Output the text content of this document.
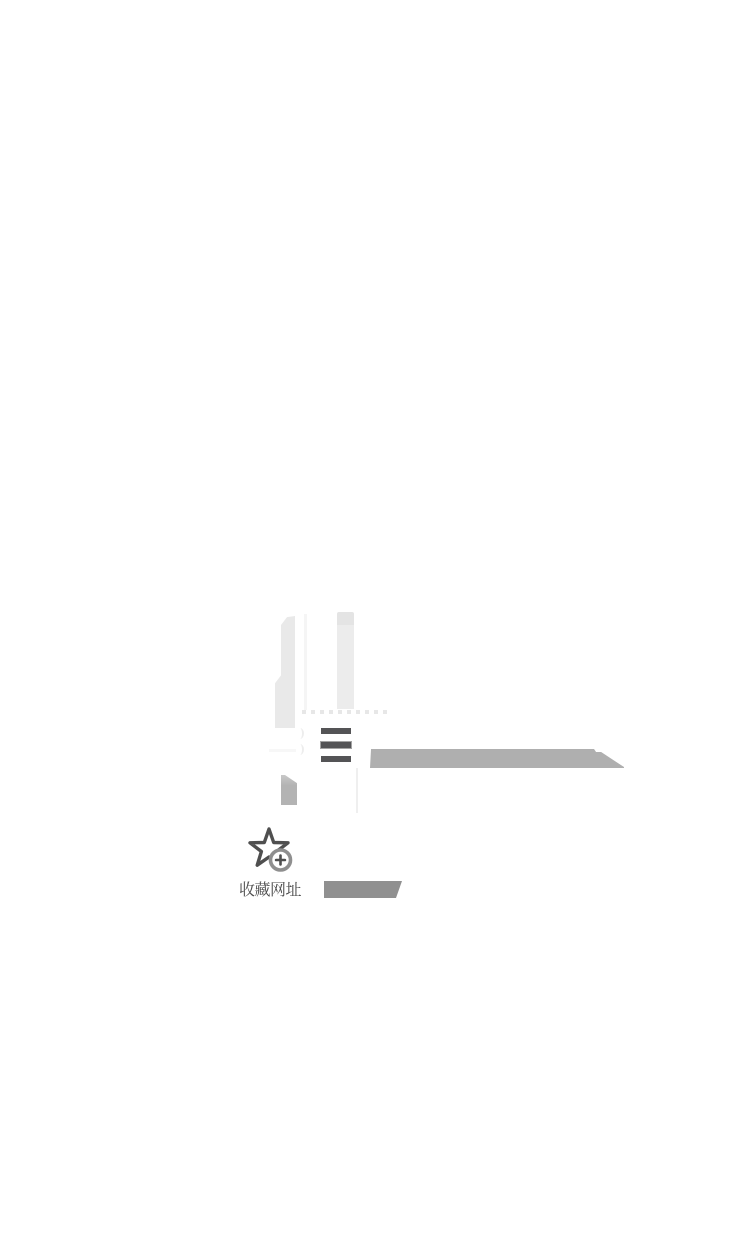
收藏网址
